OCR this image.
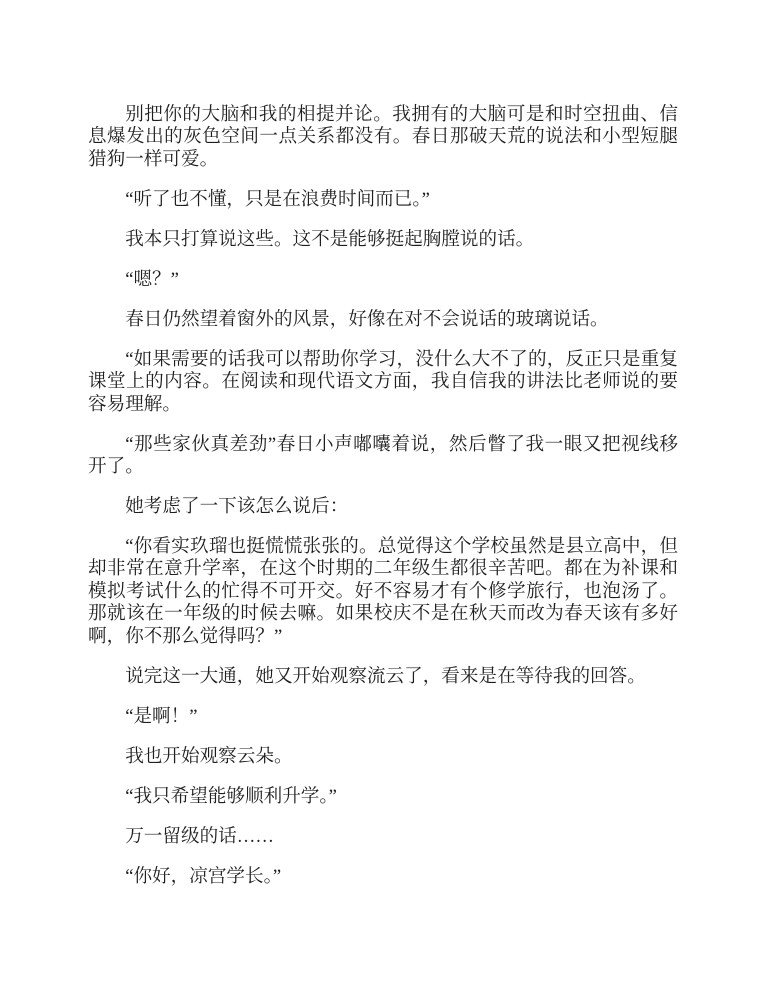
别把你的大脑和我的相提并论。我拥有的大脑可是和时空扭曲、信息爆发出的灰色空间一点关系都没有。春日那破天荒的说法和小型短腿猎狗一样可爱。

“听了也不懂，只是在浪费时间而已。”

我本只打算说这些。这不是能够挺起胸膛说的话。

“嗯？”

春日仍然望着窗外的风景，好像在对不会说话的玻璃说话。

“如果需要的话我可以帮助你学习，没什么大不了的，反正只是重复课堂上的内容。在阅读和现代语文方面，我自信我的讲法比老师说的要容易理解。

“那些家伙真差劲”春日小声嘟囔着说，然后瞥了我一眼又把视线移开了。

她考虑了一下该怎么说后：

“你看实玖瑠也挺慌慌张张的。总觉得这个学校虽然是县立高中，但却非常在意升学率，在这个时期的二年级生都很辛苦吧。都在为补课和模拟考试什么的忙得不可开交。好不容易才有个修学旅行，也泡汤了。那就该在一年级的时候去嘛。如果校庆不是在秋天而改为春天该有多好啊，你不那么觉得吗？”

说完这一大通，她又开始观察流云了，看来是在等待我的回答。

“是啊！”

我也开始观察云朵。

“我只希望能够顺利升学。”

万一留级的话……

“你好，凉宫学长。”
